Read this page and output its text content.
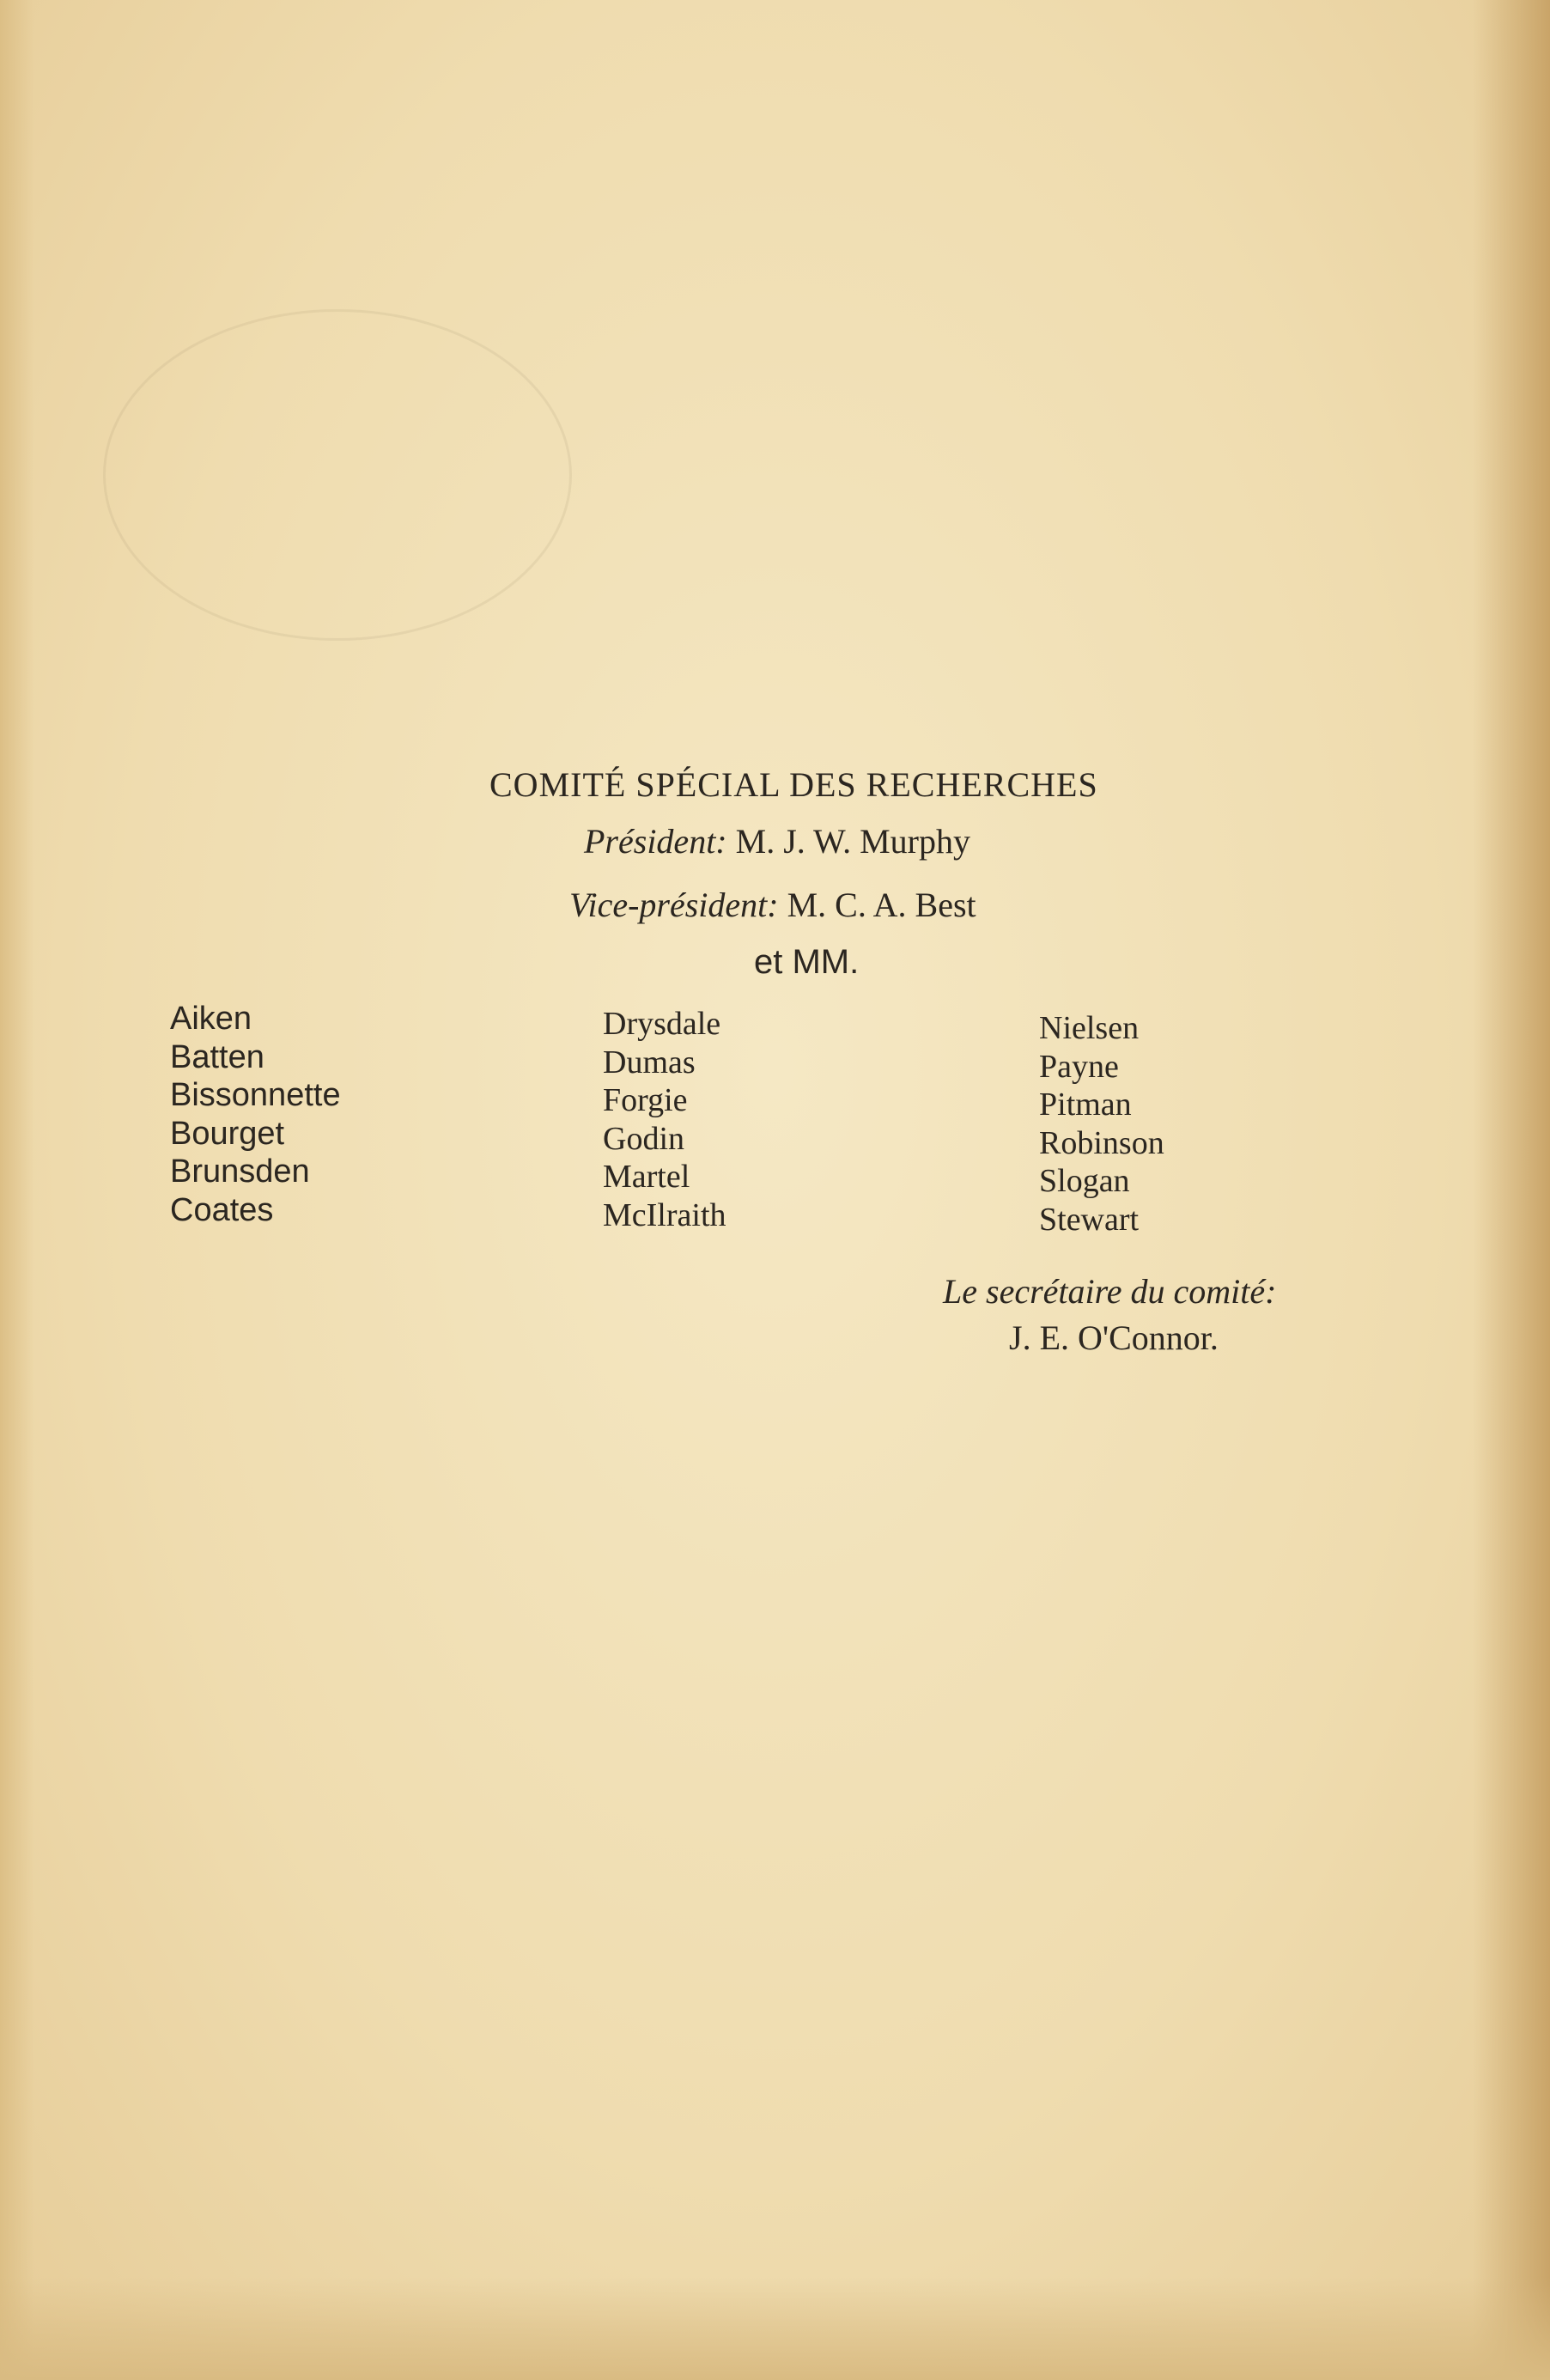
COMITÉ SPÉCIAL DES RECHERCHES
Président: M. J. W. Murphy
Vice-président: M. C. A. Best
et MM.
Aiken
Batten
Bissonnette
Bourget
Brunsden
Coates
Drysdale
Dumas
Forgie
Godin
Martel
McIlraith
Nielsen
Payne
Pitman
Robinson
Slogan
Stewart
Le secrétaire du comité:
J. E. O'Connor.
